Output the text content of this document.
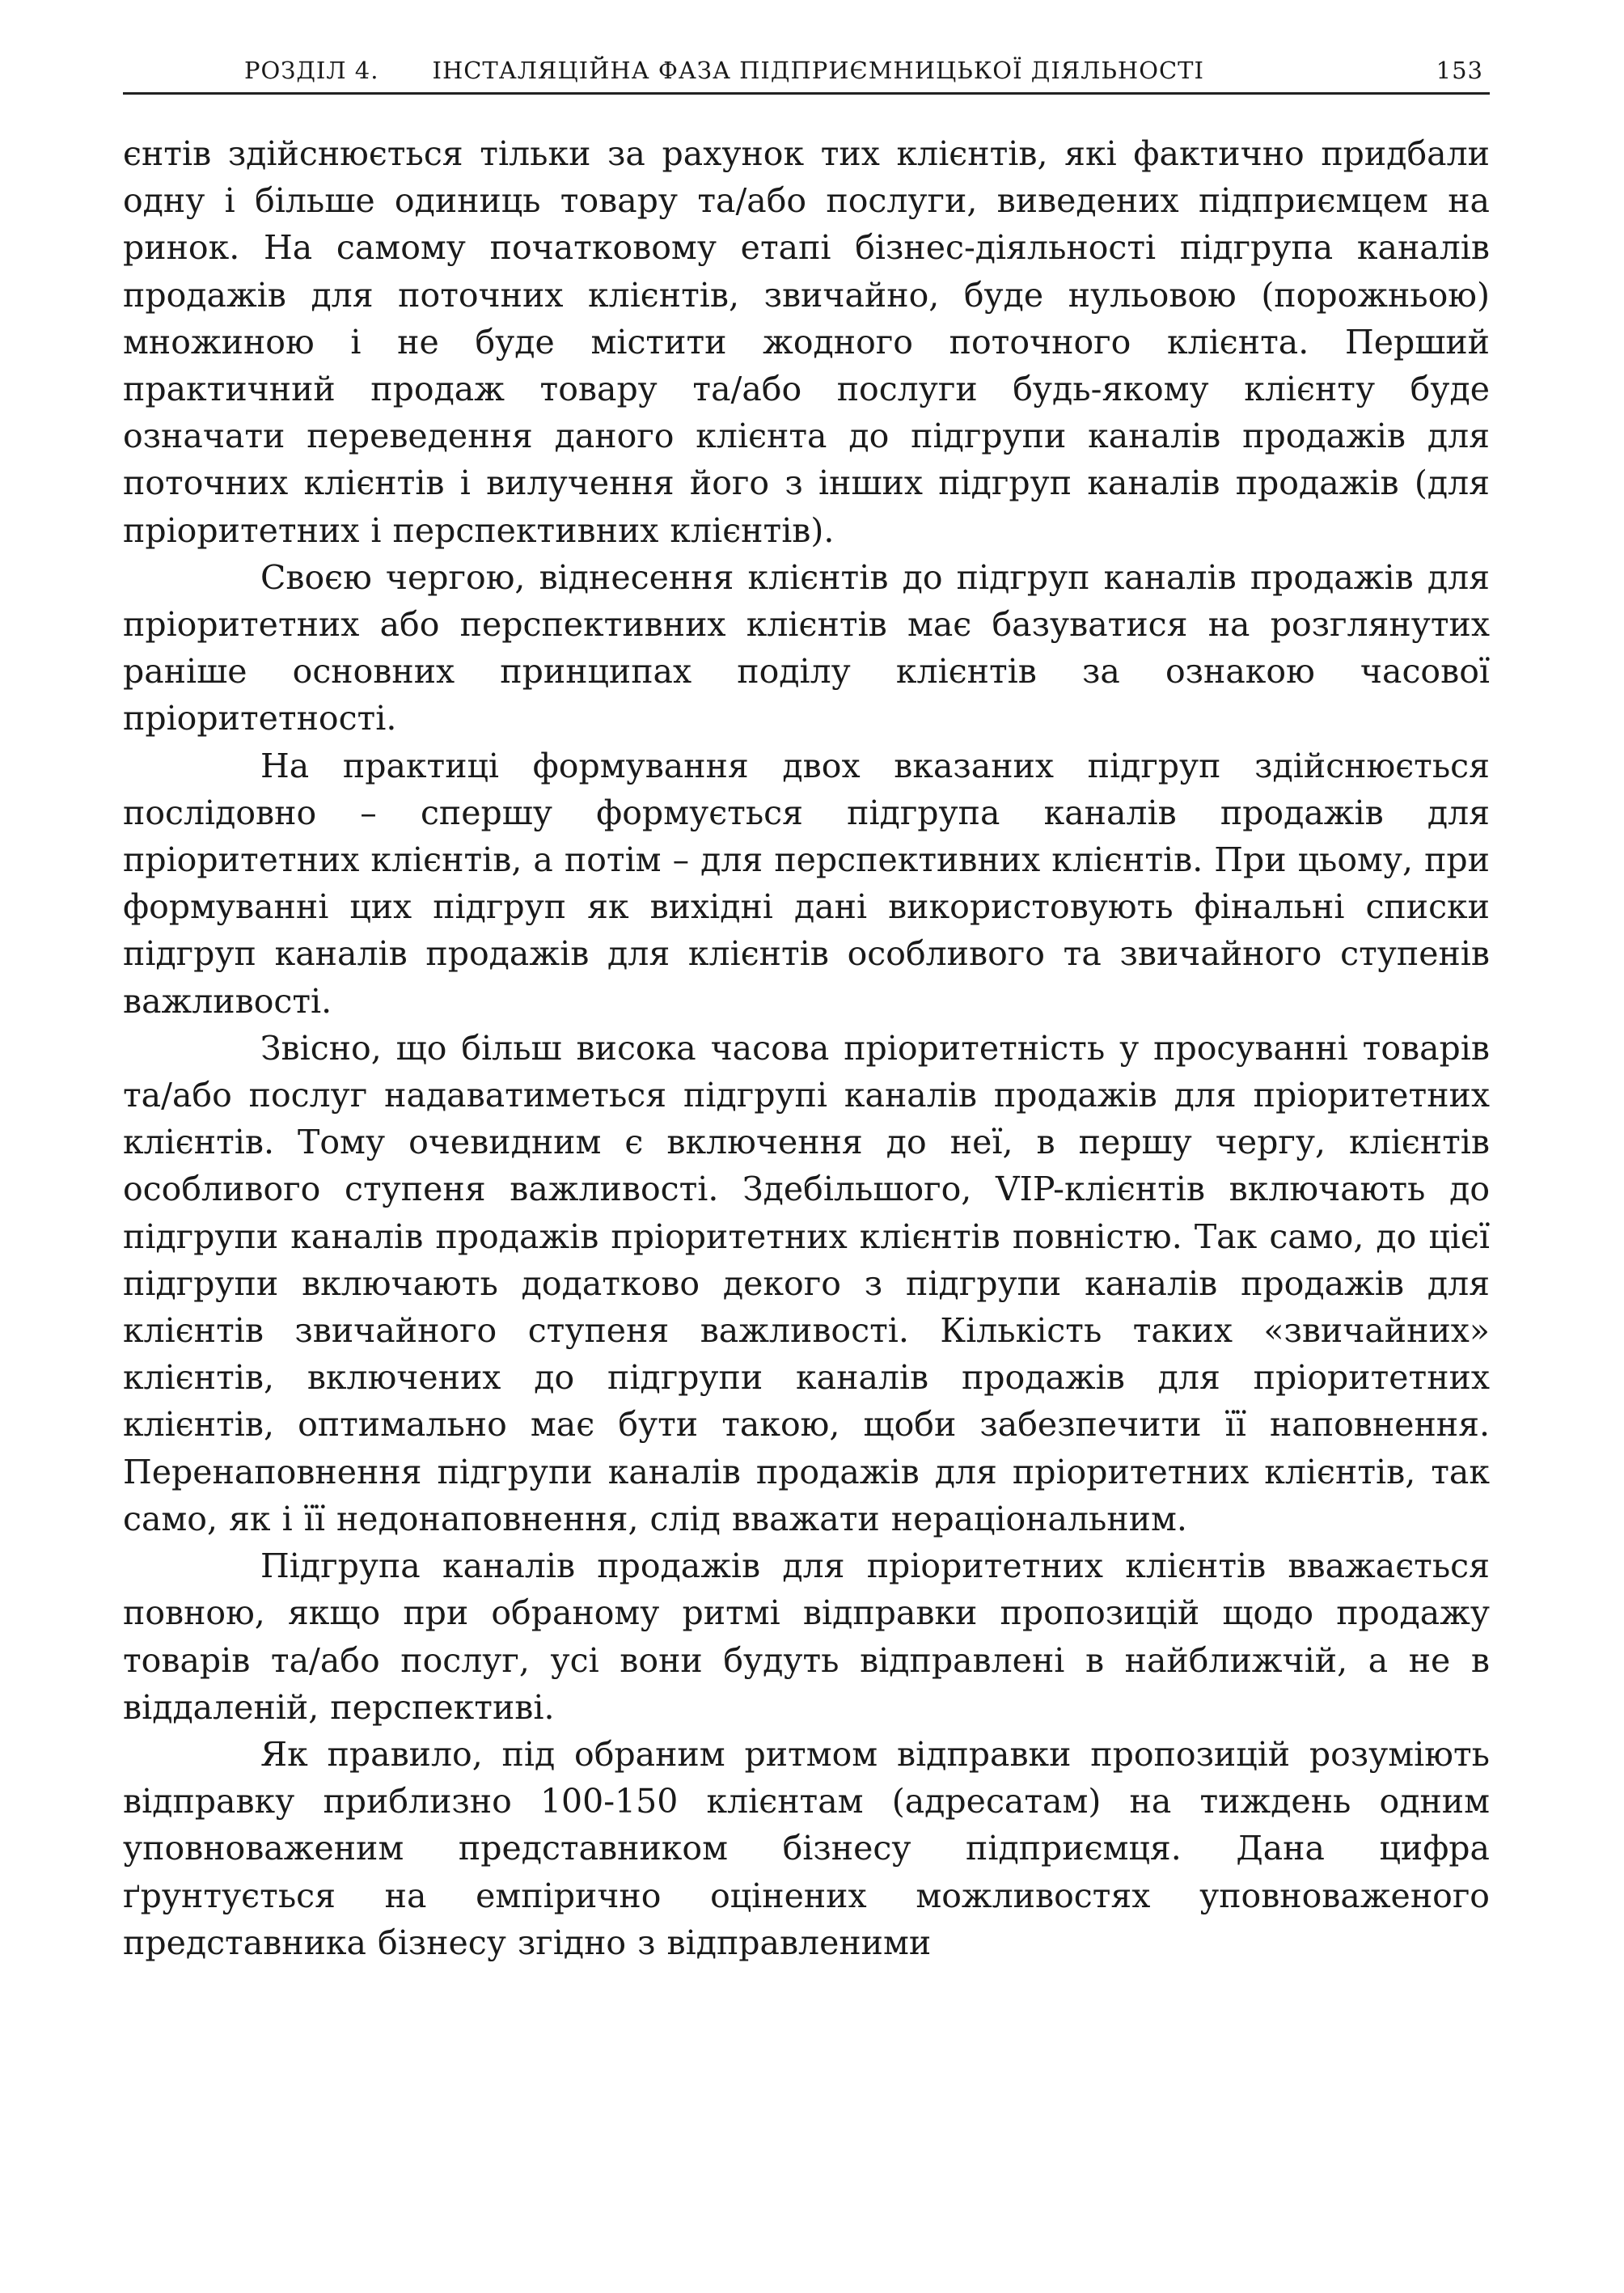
РОЗДІЛ 4. ІНСТАЛЯЦІЙНА ФАЗА ПІДПРИЄМНИЦЬКОЇ ДІЯЛЬНОСТІ	153

єнтів здійснюється тільки за рахунок тих клієнтів, які фактично придбали одну і більше одиниць товару та/або послуги, виведених підприємцем на ринок. На самому початковому етапі бізнес-діяльності підгрупа каналів продажів для поточних клієнтів, звичайно, буде нульовою (порожньою) множиною і не буде містити жодного поточного клієнта. Перший практичний продаж товару та/або послуги будь-якому клієнту буде означати переведення даного клієнта до підгрупи каналів продажів для поточних клієнтів і вилучення його з інших підгруп каналів продажів (для пріоритетних і перспективних клієнтів).

Своєю чергою, віднесення клієнтів до підгруп каналів продажів для пріоритетних або перспективних клієнтів має базуватися на розглянутих раніше основних принципах поділу клієнтів за ознакою часової пріоритетності.

На практиці формування двох вказаних підгруп здійснюється послідовно – спершу формується підгрупа каналів продажів для пріоритетних клієнтів, а потім – для перспективних клієнтів. При цьому, при формуванні цих підгруп як вихідні дані використовують фінальні списки підгруп каналів продажів для клієнтів особливого та звичайного ступенів важливості.

Звісно, що більш висока часова пріоритетність у просуванні товарів та/або послуг надаватиметься підгрупі каналів продажів для пріоритетних клієнтів. Тому очевидним є включення до неї, в першу чергу, клієнтів особливого ступеня важливості. Здебільшого, VIP-клієнтів включають до підгрупи каналів продажів пріоритетних клієнтів повністю. Так само, до цієї підгрупи включають додатково декого з підгрупи каналів продажів для клієнтів звичайного ступеня важливості. Кількість таких «звичайних» клієнтів, включених до підгрупи каналів продажів для пріоритетних клієнтів, оптимально має бути такою, щоби забезпечити її наповнення. Перенаповнення підгрупи каналів продажів для пріоритетних клієнтів, так само, як і її недонаповнення, слід вважати нераціональним.

Підгрупа каналів продажів для пріоритетних клієнтів вважається повною, якщо при обраному ритмі відправки пропозицій щодо продажу товарів та/або послуг, усі вони будуть відправлені в найближчій, а не в віддаленій, перспективі.

Як правило, під обраним ритмом відправки пропозицій розуміють відправку приблизно 100-150 клієнтам (адресатам) на тиждень одним уповноваженим представником бізнесу підприємця. Дана цифра ґрунтується на емпірично оцінених можливостях уповноваженого представника бізнесу згідно з відправленими
